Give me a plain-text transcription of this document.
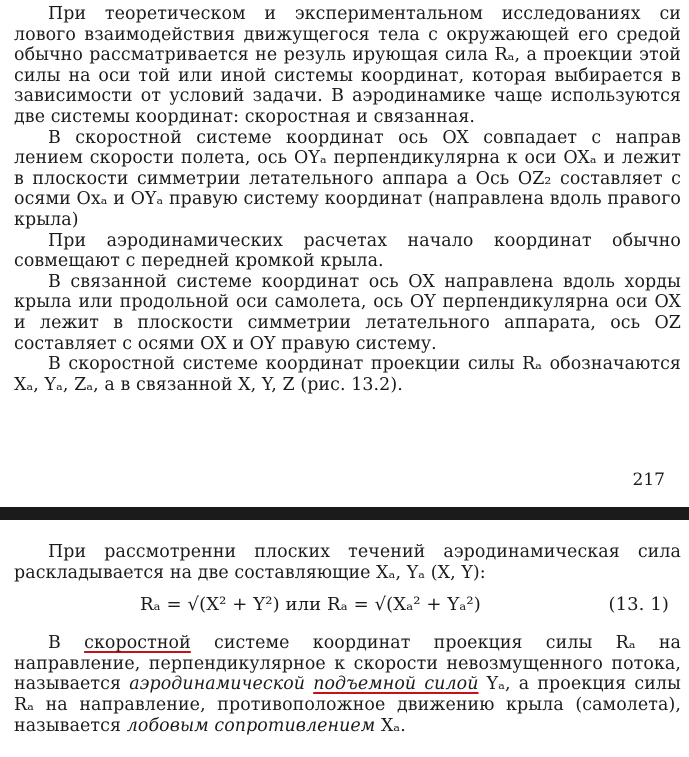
При теоретическом и экспериментальном исследованиях си лового взаимодействия движущегося тела с окружающей его средой обычно рассматривается не резуль ирующая сила Rₐ, а проекции этой силы на оси той или иной системы координат, которая выбирается в зависимости от условий задачи. В аэродинамике чаще используются две системы координат: скоростная и связанная.

В скоростной системе координат ось OX совпадает с направ лением скорости полета, ось OYₐ перпендикулярна к оси OXₐ и лежит в плоскости симметрии летательного аппара а Ось OZ₂ составляет с осями Oxₐ и OYₐ правую систему координат (направлена вдоль правого крыла)

При аэродинамических расчетах начало координат обычно совмещают с передней кромкой крыла.

В связанной системе координат ось OX направлена вдоль хорды крыла или продольной оси самолета, ось OY перпендикулярна оси OX и лежит в плоскости симметрии летательного аппарата, ось OZ составляет с осями OX и OY правую систему.

В скоростной системе координат проекции силы Rₐ обозначаются Xₐ, Yₐ, Zₐ, а в связанной X, Y, Z (рис. 13.2).

217

При рассмотренни плоских течений аэродинамическая сила раскладывается на две составляющие Xₐ, Yₐ (X, Y):

Rₐ = √(X² + Y²) или Rₐ = √(Xₐ² + Yₐ²)	(13. 1)

В скоростной системе координат проекция силы Rₐ на направление, перпендикулярное к скорости невозмущенного потока, называется аэродинамической подъемной силой Yₐ, а проекция силы Rₐ на направление, противоположное движению крыла (самолета), называется лобовым сопротивлением Xₐ.
